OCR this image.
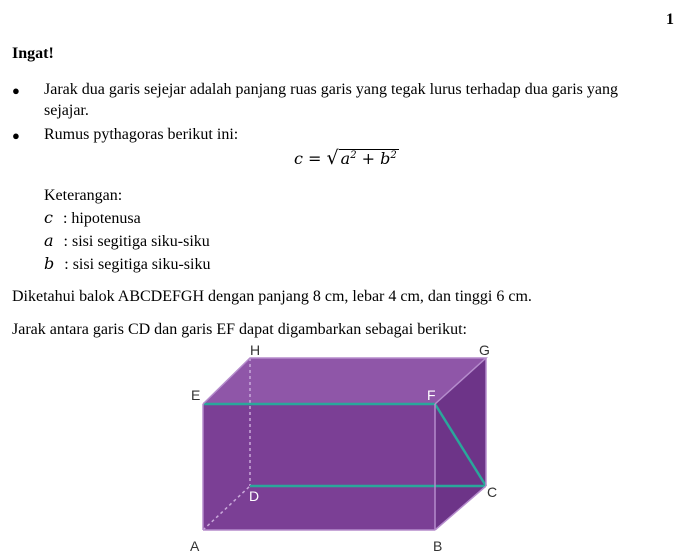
1
Ingat!
● Jarak dua garis sejejar adalah panjang ruas garis yang tegak lurus terhadap dua garis yang
sejajar.
● Rumus pythagoras berikut ini:
c = √ $a^2 + b^2$
Keterangan:
c : hipotenusa
a : sisi segitiga siku-siku
b : sisi segitiga siku-siku
Diketahui balok ABCDEFGH dengan panjang 8 cm, lebar 4 cm, dan tinggi 6 cm.
Jarak antara garis CD dan garis EF dapat digambarkan sebagai berikut:
A	B
C
D
E	F
G
H
